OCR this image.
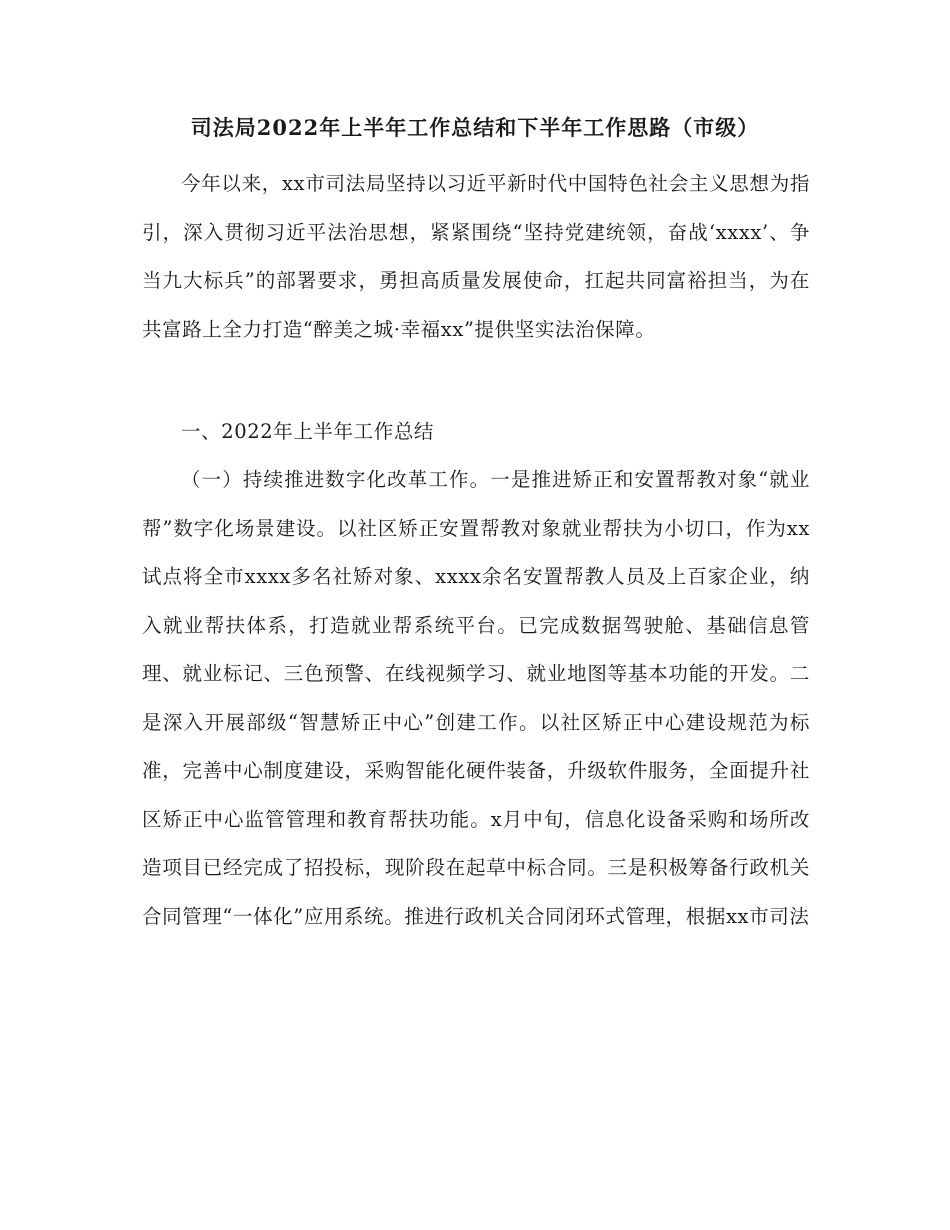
司法局2022年上半年工作总结和下半年工作思路（市级）

今年以来，xx市司法局坚持以习近平新时代中国特色社会主义思想为指引，深入贯彻习近平法治思想，紧紧围绕“坚持党建统领，奋战‘xxxx’、争当九大标兵”的部署要求，勇担高质量发展使命，扛起共同富裕担当，为在共富路上全力打造“醉美之城·幸福xx”提供坚实法治保障。

一、2022年上半年工作总结

（一）持续推进数字化改革工作。一是推进矫正和安置帮教对象“就业帮”数字化场景建设。以社区矫正安置帮教对象就业帮扶为小切口，作为xx试点将全市xxxx多名社矫对象、xxxx余名安置帮教人员及上百家企业，纳入就业帮扶体系，打造就业帮系统平台。已完成数据驾驶舱、基础信息管理、就业标记、三色预警、在线视频学习、就业地图等基本功能的开发。二是深入开展部级“智慧矫正中心”创建工作。以社区矫正中心建设规范为标准，完善中心制度建设，采购智能化硬件装备，升级软件服务，全面提升社区矫正中心监管管理和教育帮扶功能。x月中旬，信息化设备采购和场所改造项目已经完成了招投标，现阶段在起草中标合同。三是积极筹备行政机关合同管理“一体化”应用系统。推进行政机关合同闭环式管理，根据xx市司法
